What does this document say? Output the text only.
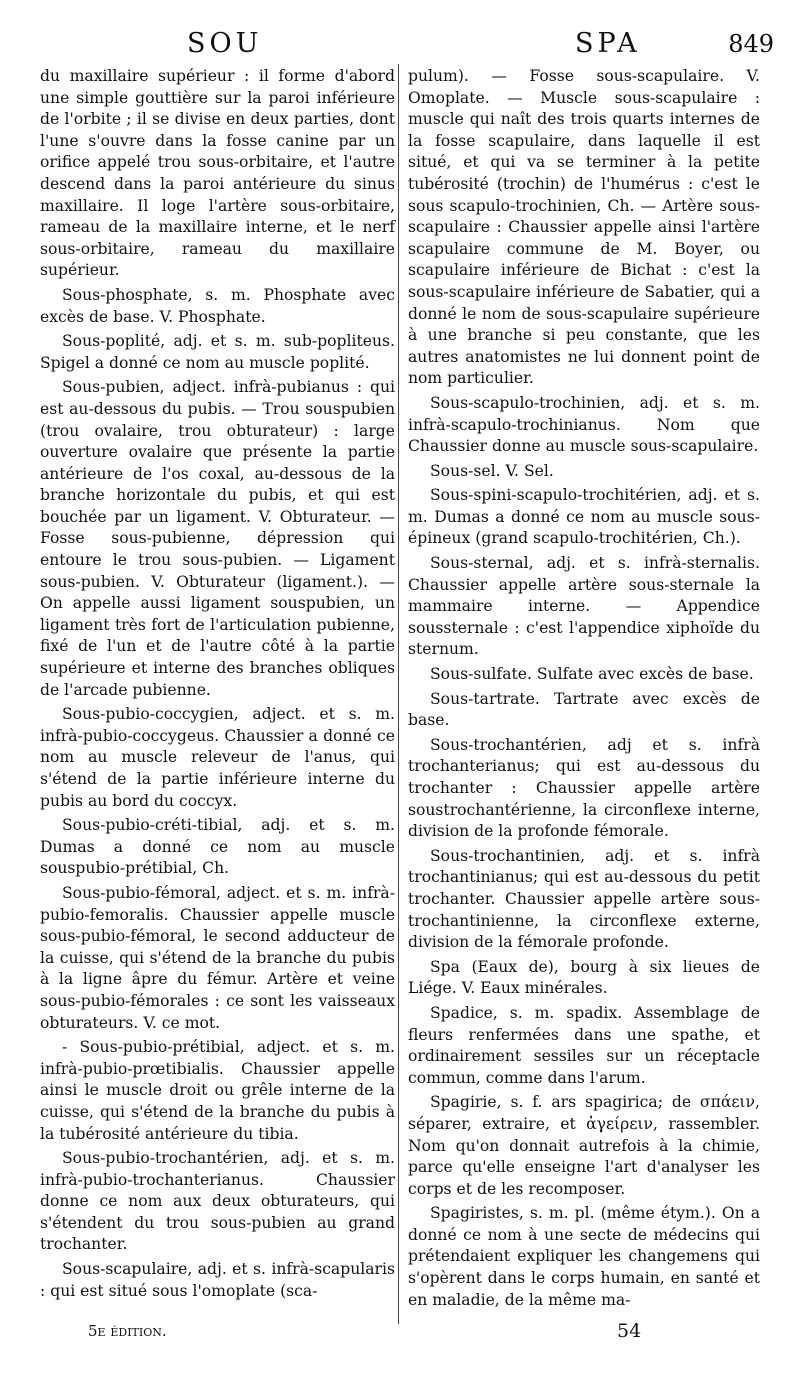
SOU	SPA	849

du maxillaire supérieur : il forme d'abord une simple gouttière sur la paroi inférieure de l'orbite ; il se divise en deux parties, dont l'une s'ouvre dans la fosse canine par un orifice appelé trou sous-orbitaire, et l'autre descend dans la paroi antérieure du sinus maxillaire. Il loge l'artère sous-orbitaire, rameau de la maxillaire interne, et le nerf sous-orbitaire, rameau du maxillaire supérieur.

Sous-phosphate, s. m. Phosphate avec excès de base. V. Phosphate.

Sous-poplité, adj. et s. m. sub-popliteus. Spigel a donné ce nom au muscle poplité.

Sous-pubien, adject. infrà-pubianus : qui est au-dessous du pubis. — Trou souspubien (trou ovalaire, trou obturateur) : large ouverture ovalaire que présente la partie antérieure de l'os coxal, au-dessous de la branche horizontale du pubis, et qui est bouchée par un ligament. V. Obturateur. — Fosse sous-pubienne, dépression qui entoure le trou sous-pubien. — Ligament sous-pubien. V. Obturateur (ligament.). — On appelle aussi ligament souspubien, un ligament très fort de l'articulation pubienne, fixé de l'un et de l'autre côté à la partie supérieure et interne des branches obliques de l'arcade pubienne.

Sous-pubio-coccygien, adject. et s. m. infrà-pubio-coccygeus. Chaussier a donné ce nom au muscle releveur de l'anus, qui s'étend de la partie inférieure interne du pubis au bord du coccyx.

Sous-pubio-créti-tibial, adj. et s. m. Dumas a donné ce nom au muscle souspubio-prétibial, Ch.

Sous-pubio-fémoral, adject. et s. m. infrà-pubio-femoralis. Chaussier appelle muscle sous-pubio-fémoral, le second adducteur de la cuisse, qui s'étend de la branche du pubis à la ligne âpre du fémur. Artère et veine sous-pubio-fémorales : ce sont les vaisseaux obturateurs. V. ce mot.

- Sous-pubio-prétibial, adject. et s. m. infrà-pubio-prœtibialis. Chaussier appelle ainsi le muscle droit ou grêle interne de la cuisse, qui s'étend de la branche du pubis à la tubérosité antérieure du tibia.

Sous-pubio-trochantérien, adj. et s. m. infrà-pubio-trochanterianus. Chaussier donne ce nom aux deux obturateurs, qui s'étendent du trou sous-pubien au grand trochanter.

Sous-scapulaire, adj. et s. infrà-scapularis : qui est situé sous l'omoplate (sca-

pulum). — Fosse sous-scapulaire. V. Omoplate. — Muscle sous-scapulaire : muscle qui naît des trois quarts internes de la fosse scapulaire, dans laquelle il est situé, et qui va se terminer à la petite tubérosité (trochin) de l'humérus : c'est le sous scapulo-trochinien, Ch. — Artère sous-scapulaire : Chaussier appelle ainsi l'artère scapulaire commune de M. Boyer, ou scapulaire inférieure de Bichat : c'est la sous-scapulaire inférieure de Sabatier, qui a donné le nom de sous-scapulaire supérieure à une branche si peu constante, que les autres anatomistes ne lui donnent point de nom particulier.

Sous-scapulo-trochinien, adj. et s. m. infrà-scapulo-trochinianus. Nom que Chaussier donne au muscle sous-scapulaire.

Sous-sel. V. Sel.

Sous-spini-scapulo-trochitérien, adj. et s. m. Dumas a donné ce nom au muscle sous-épineux (grand scapulo-trochitérien, Ch.).

Sous-sternal, adj. et s. infrà-sternalis. Chaussier appelle artère sous-sternale la mammaire interne. — Appendice soussternale : c'est l'appendice xiphoïde du sternum.

Sous-sulfate. Sulfate avec excès de base.

Sous-tartrate. Tartrate avec excès de base.

Sous-trochantérien, adj et s. infrà trochanterianus; qui est au-dessous du trochanter : Chaussier appelle artère soustrochantérienne, la circonflexe interne, division de la profonde fémorale.

Sous-trochantinien, adj. et s. infrà trochantinianus; qui est au-dessous du petit trochanter. Chaussier appelle artère sous-trochantinienne, la circonflexe externe, division de la fémorale profonde.

Spa (Eaux de), bourg à six lieues de Liége. V. Eaux minérales.

Spadice, s. m. spadix. Assemblage de fleurs renfermées dans une spathe, et ordinairement sessiles sur un réceptacle commun, comme dans l'arum.

Spagirie, s. f. ars spagirica; de σπάειν, séparer, extraire, et ἀγείρειν, rassembler. Nom qu'on donnait autrefois à la chimie, parce qu'elle enseigne l'art d'analyser les corps et de les recomposer.

Spagiristes, s. m. pl. (même étym.). On a donné ce nom à une secte de médecins qui prétendaient expliquer les changemens qui s'opèrent dans le corps humain, en santé et en maladie, de la même ma-

5e édition.	54
